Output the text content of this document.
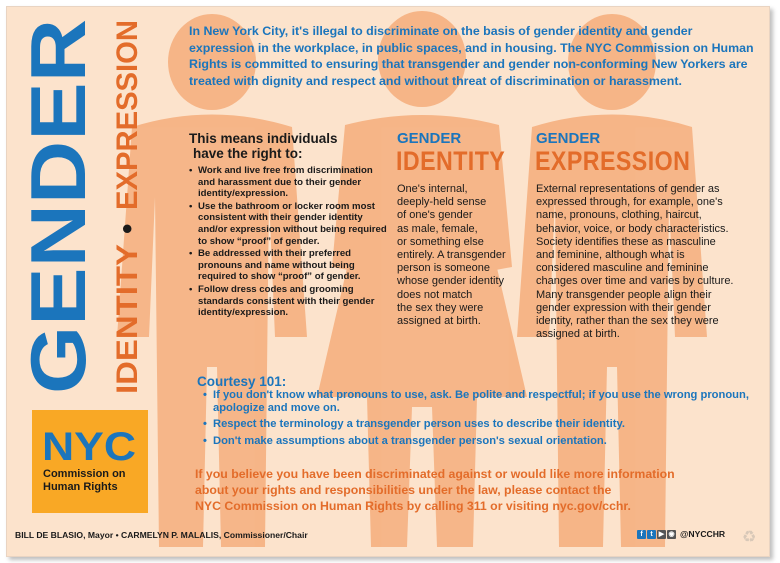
GENDER IDENTITY
•
EXPRESSION	In New York City, it's illegal to discriminate on the basis of gender identity and gender expression in the workplace, in public spaces, and in housing. The NYC Commission on Human Rights is committed to ensuring that transgender and gender non-conforming New Yorkers are treated with dignity and respect and without threat of discrimination or harassment.
This means individuals
have the right to:
• Work and live free from discrimination and harassment due to their gender identity/expression.
• Use the bathroom or locker room most consistent with their gender identity and/or expression without being required to show “proof” of gender.
• Be addressed with their preferred pronouns and name without being required to show “proof” of gender.
• Follow dress codes and grooming standards consistent with their gender identity/expression.
GENDER
IDENTITY
One's internal,
deeply-held sense
of one's gender
as male, female,
or something else
entirely. A transgender
person is someone
whose gender identity
does not match
the sex they were
assigned at birth.
GENDER
EXPRESSION
External representations of gender as
expressed through, for example, one's
name, pronouns, clothing, haircut,
behavior, voice, or body characteristics.
Society identifies these as masculine
and feminine, although what is
considered masculine and feminine
changes over time and varies by culture.
Many transgender people align their
gender expression with their gender
identity, rather than the sex they were
assigned at birth.
Courtesy 101:
• If you don't know what pronouns to use, ask. Be polite and respectful; if you use the wrong pronoun, apologize and move on.
• Respect the terminology a transgender person uses to describe their identity.
• Don't make assumptions about a transgender person's sexual orientation.
If you believe you have been discriminated against or would like more information
about your rights and responsibilities under the law, please contact the
NYC Commission on Human Rights by calling 311 or visiting nyc.gov/cchr.
NYC
Commission on
Human Rights
BILL DE BLASIO, Mayor • CARMELYN P. MALALIS, Commissioner/Chair	f	t ▶ ◉ @NYCCHR ♻
